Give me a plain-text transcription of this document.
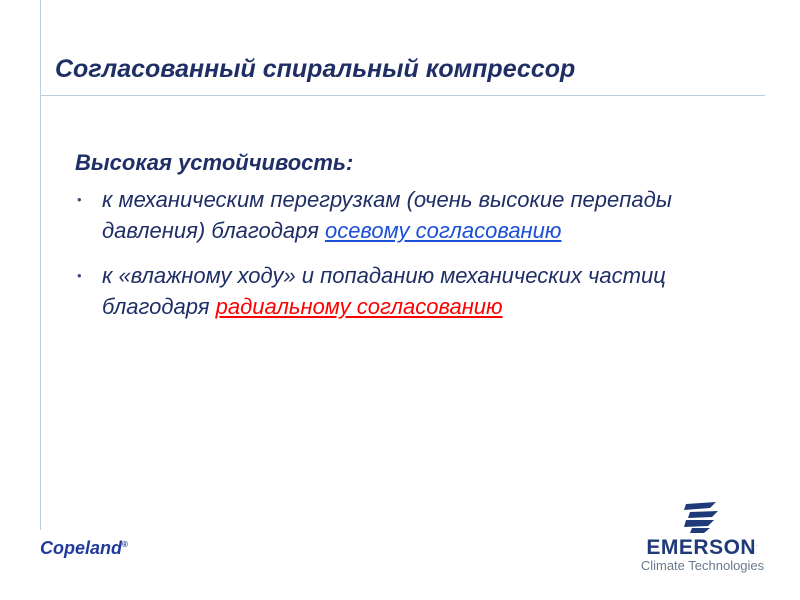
Согласованный спиральный компрессор
Высокая устойчивость:
• к механическим перегрузкам (очень высокие перепады давления) благодаря осевому согласованию
• к «влажному ходу» и попаданию механических частиц благодаря радиальному согласованию
Copeland®	EMERSON.
Climate Technologies
